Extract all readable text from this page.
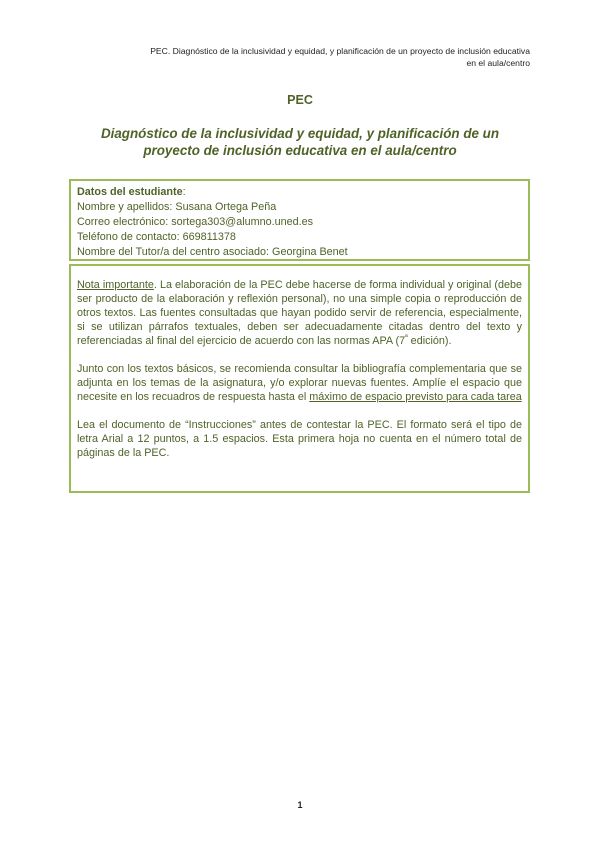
PEC. Diagnóstico de la inclusividad y equidad, y planificación de un proyecto de inclusión educativa
en el aula/centro
PEC
Diagnóstico de la inclusividad y equidad, y planificación de un
proyecto de inclusión educativa en el aula/centro
Datos del estudiante:
Nombre y apellidos: Susana Ortega Peña
Correo electrónico: sortega303@alumno.uned.es
Teléfono de contacto: 669811378
Nombre del Tutor/a del centro asociado: Georgina Benet

Nota importante. La elaboración de la PEC debe hacerse de forma individual y original (debe ser producto de la elaboración y reflexión personal), no una simple copia o reproducción de otros textos. Las fuentes consultadas que hayan podido servir de referencia, especialmente, si se utilizan párrafos textuales, deben ser adecuadamente citadas dentro del texto y referenciadas al final del ejercicio de acuerdo con las normas APA ($7^ª$ edición).

Junto con los textos básicos, se recomienda consultar la bibliografía complementaria que se adjunta en los temas de la asignatura, y/o explorar nuevas fuentes. Amplíe el espacio que necesite en los recuadros de respuesta hasta el máximo de espacio previsto para cada tarea

Lea el documento de “Instrucciones” antes de contestar la PEC. El formato será el tipo de letra Arial a 12 puntos, a 1.5 espacios. Esta primera hoja no cuenta en el número total de páginas de la PEC.

1
